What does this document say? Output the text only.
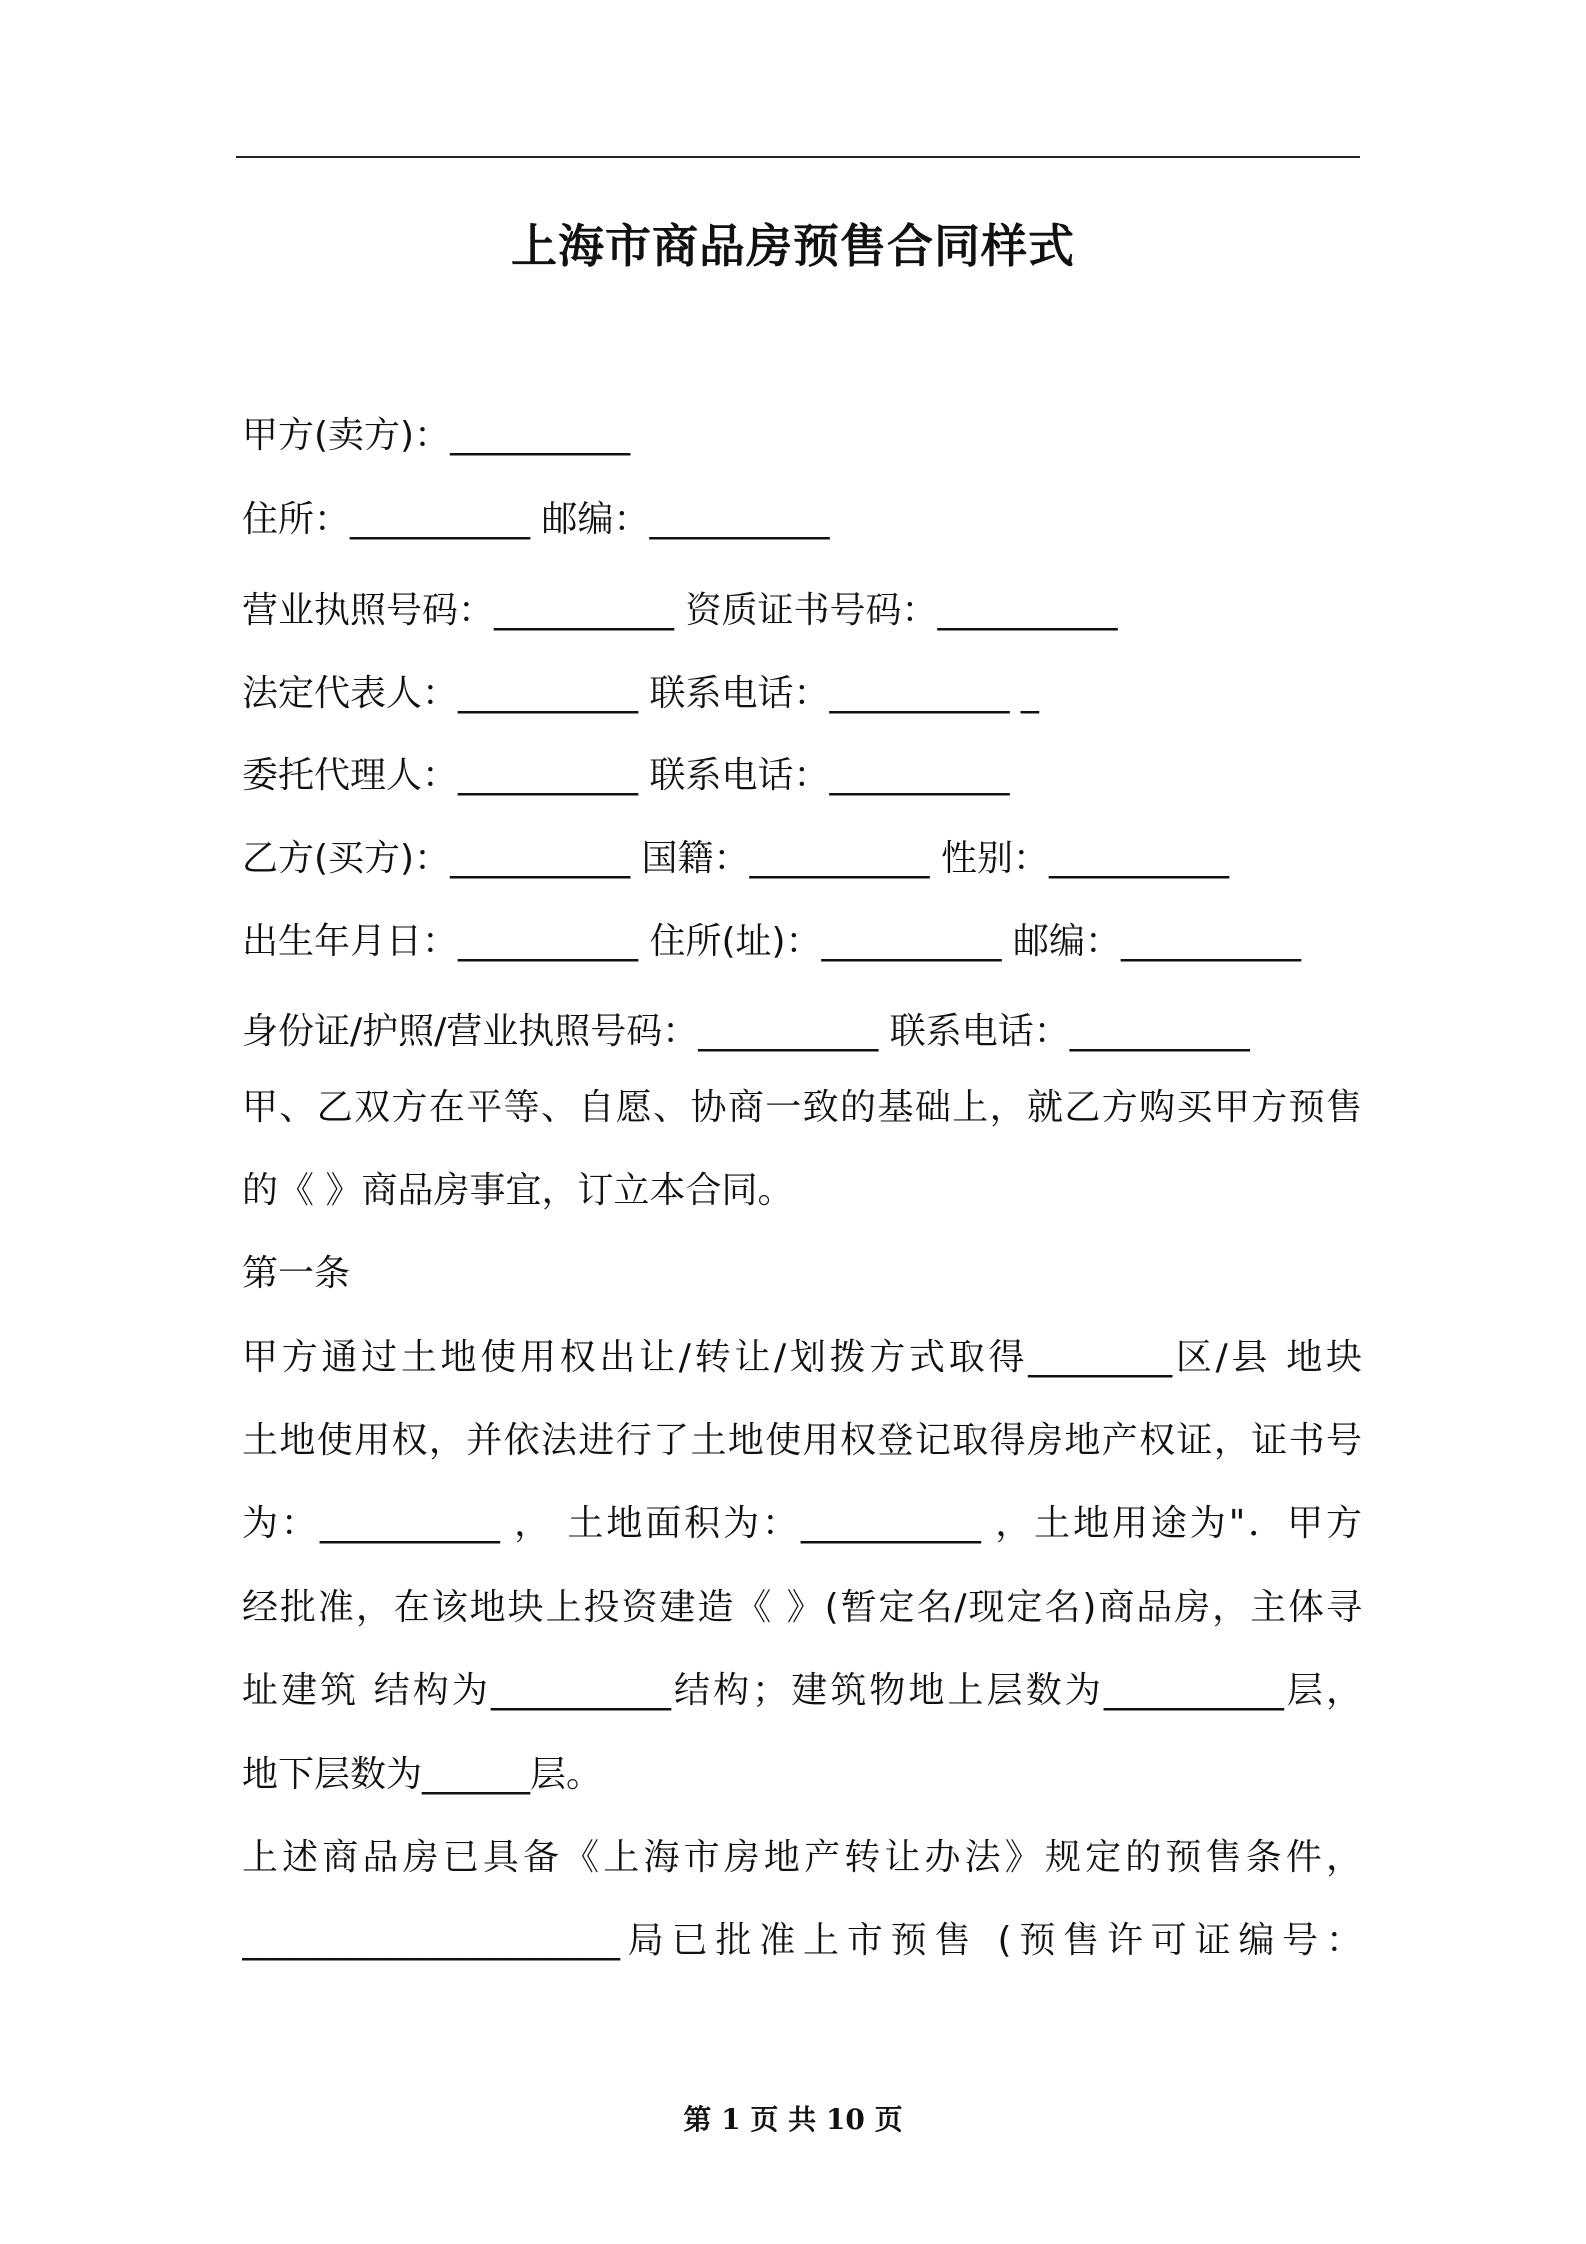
上海市商品房预售合同样式
甲方(卖方)：__________
住所：__________ 邮编：__________
营业执照号码：__________ 资质证书号码：__________
法定代表人：__________ 联系电话：__________ _
委托代理人：__________ 联系电话：__________
乙方(买方)：__________ 国籍：__________ 性别：__________
出生年月日：__________ 住所(址)：__________ 邮编：__________
身份证/护照/营业执照号码：__________ 联系电话：__________
甲、乙双方在平等、自愿、协商一致的基础上，就乙方购买甲方预售
的《 》商品房事宜，订立本合同。
第一条
甲方通过土地使用权出让/转让/划拨方式取得________区/县 地块
土地使用权，并依法进行了土地使用权登记取得房地产权证，证书号
为：__________ ， 土地面积为：__________ ，土地用途为"．甲方
经批准，在该地块上投资建造《 》(暂定名/现定名)商品房，主体寻
址建筑 结构为__________结构；建筑物地上层数为__________层，
地下层数为______层。
上述商品房已具备《上海市房地产转让办法》规定的预售条件，
_____________________局已批准上市预售 (预售许可证编号：
第 1 页 共 10 页
